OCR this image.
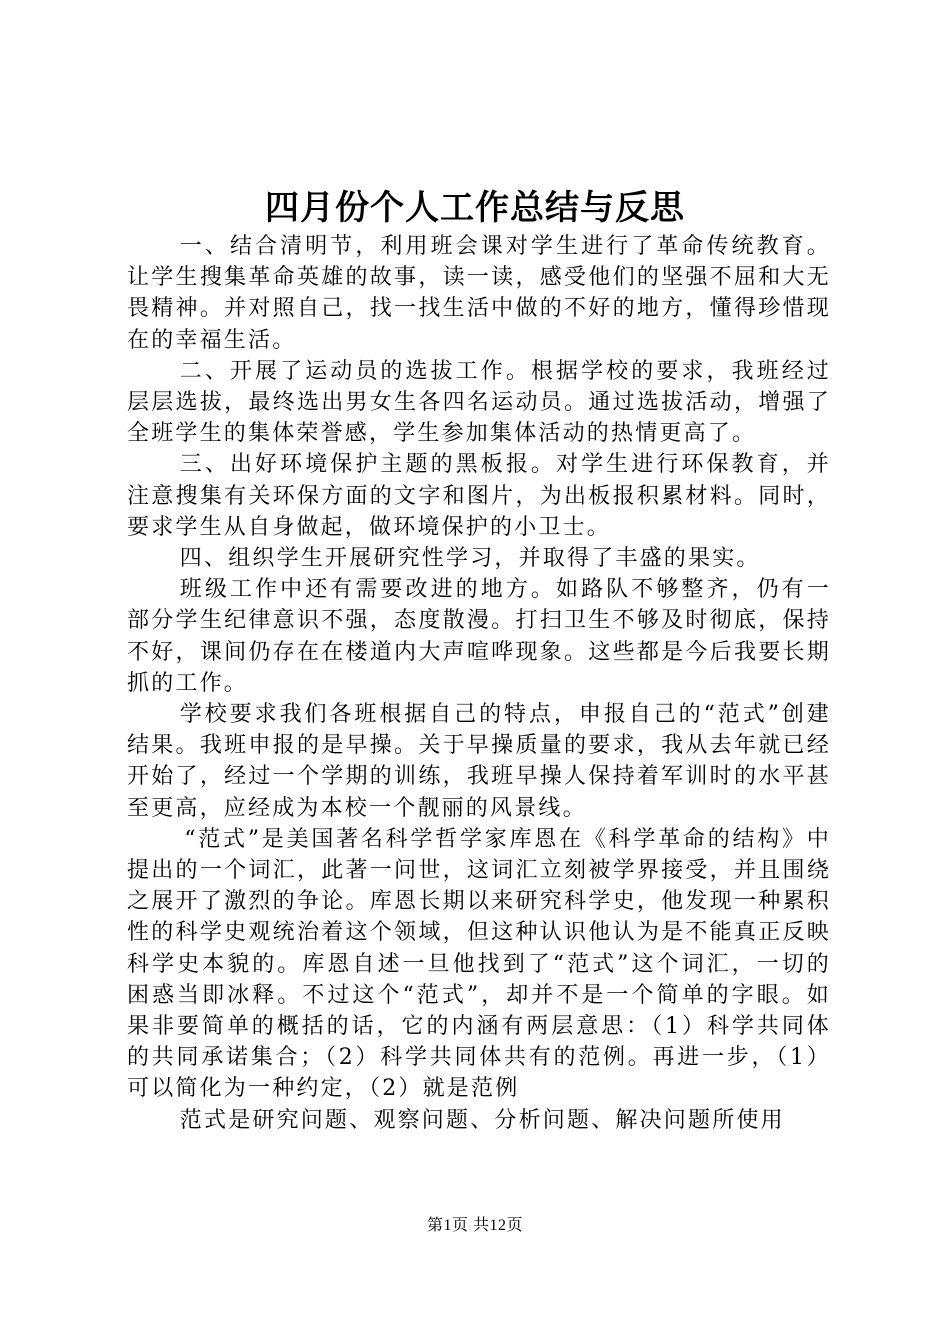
四月份个人工作总结与反思

一、结合清明节，利用班会课对学生进行了革命传统教育。让学生搜集革命英雄的故事，读一读，感受他们的坚强不屈和大无畏精神。并对照自己，找一找生活中做的不好的地方，懂得珍惜现在的幸福生活。

二、开展了运动员的选拔工作。根据学校的要求，我班经过层层选拔，最终选出男女生各四名运动员。通过选拔活动，增强了全班学生的集体荣誉感，学生参加集体活动的热情更高了。

三、出好环境保护主题的黑板报。对学生进行环保教育，并注意搜集有关环保方面的文字和图片，为出板报积累材料。同时，要求学生从自身做起，做环境保护的小卫士。

四、组织学生开展研究性学习，并取得了丰盛的果实。

班级工作中还有需要改进的地方。如路队不够整齐，仍有一部分学生纪律意识不强，态度散漫。打扫卫生不够及时彻底，保持不好，课间仍存在在楼道内大声喧哗现象。这些都是今后我要长期抓的工作。

学校要求我们各班根据自己的特点，申报自己的“范式”创建结果。我班申报的是早操。关于早操质量的要求，我从去年就已经开始了，经过一个学期的训练，我班早操人保持着军训时的水平甚至更高，应经成为本校一个靓丽的风景线。

“范式”是美国著名科学哲学家库恩在《科学革命的结构》中提出的一个词汇，此著一问世，这词汇立刻被学界接受，并且围绕之展开了激烈的争论。库恩长期以来研究科学史，他发现一种累积性的科学史观统治着这个领域，但这种认识他认为是不能真正反映科学史本貌的。库恩自述一旦他找到了“范式”这个词汇，一切的困惑当即冰释。不过这个“范式”，却并不是一个简单的字眼。如果非要简单的概括的话，它的内涵有两层意思：（1）科学共同体的共同承诺集合；（2）科学共同体共有的范例。再进一步，（1）可以简化为一种约定，（2）就是范例

范式是研究问题、观察问题、分析问题、解决问题所使用

第1页 共12页
